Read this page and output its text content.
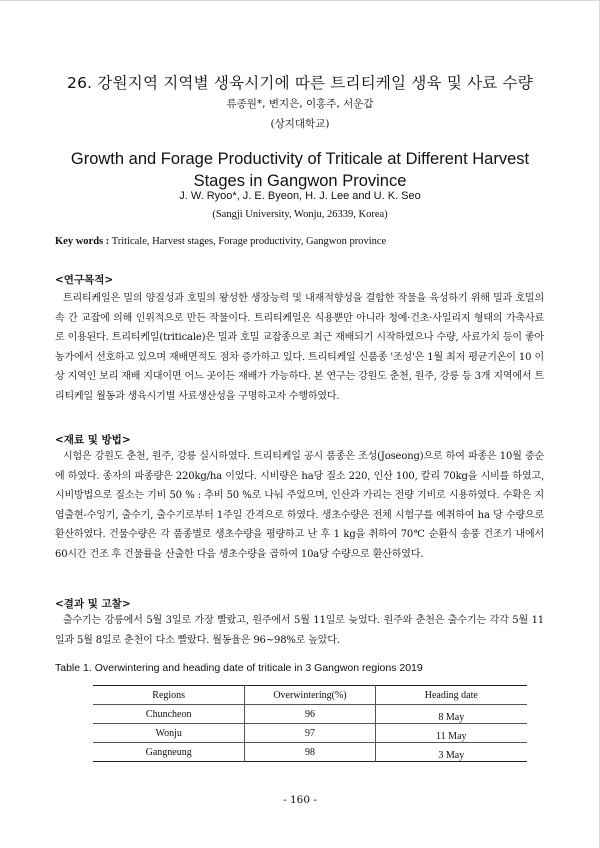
26. 강원지역 지역별 생육시기에 따른 트리티케일 생육 및 사료 수량
류종원*, 변지은, 이홍주, 서운갑
(상지대학교)
Growth and Forage Productivity of Triticale at Different Harvest Stages in Gangwon Province
J. W. Ryoo*, J. E. Byeon, H. J. Lee and U. K. Seo
(Sangji University, Wonju, 26339, Korea)
Key words : Triticale, Harvest stages, Forage productivity, Gangwon province
<연구목적>
트리티케일은 밀의 양질성과 호밀의 왕성한 생장능력 및 내재적향성을 결합한 작물을 육성하기 위해 밀과 호밀의 속 간 교잡에 의해 인위적으로 만든 작물이다. 트리티케일은 식용뿐만 아니라 청예·건초·사일리지 형태의 가축사료로 이용된다. 트리티케일(triticale)은 밀과 호밀 교잡종으로 최근 재배되기 시작하였으나 수량, 사료가치 등이 좋아 농가에서 선호하고 있으며 재배면적도 점차 증가하고 있다. 트리티케일 신품종 '조성'은 1월 최저 평균기온이 10 이상 지역인 보리 재배 지대이면 어느 곳이든 재배가 가능하다. 본 연구는 강원도 춘천, 원주, 강릉 등 3개 지역에서 트리티케일 월동과 생육시기별 사료생산성을 구명하고자 수행하였다.
<재료 및 방법>
시험은 강원도 춘천, 원주, 강릉 실시하였다. 트리티케일 공시 품종은 조성(Joseong)으로 하여 파종은 10월 중순에 하였다. 종자의 파종량은 220kg/ha 이었다. 시비량은 ha당 질소 220, 인산 100, 칼리 70kg을 시비를 하였고, 시비방법으로 질소는 기비 50 % : 추비 50 %로 나눠 주었으며, 인산과 가리는 전량 기비로 시용하였다. 수확은 지엽출현-수잉기, 출수기, 출수기로부터 1주일 간격으로 하였다. 생초수량은 전체 시험구를 예취하여 ha 당 수량으로 환산하였다. 건물수량은 각 품종별로 생초수량을 평량하고 난 후 1 kg을 취하여 70℃ 순환식 송풍 건조기 내에서 60시간 건조 후 건물률을 산출한 다음 생초수량을 곱하여 10a당 수량으로 환산하였다.
<결과 및 고찰>
출수기는 강릉에서 5월 3일로 가장 빨랐고, 원주에서 5월 11일로 늦었다. 원주와 춘천은 출수기는 각각 5월 11일과 5월 8일로 춘천이 다소 빨랐다. 월동율은 96~98%로 높았다.
Table 1. Overwintering and heading date of triticale in 3 Gangwon regions 2019
Regions	Overwintering(%)	Heading date
Chuncheon	96	8 May
Wonju	97	11 May
Gangneung	98	3 May
- 160 -
